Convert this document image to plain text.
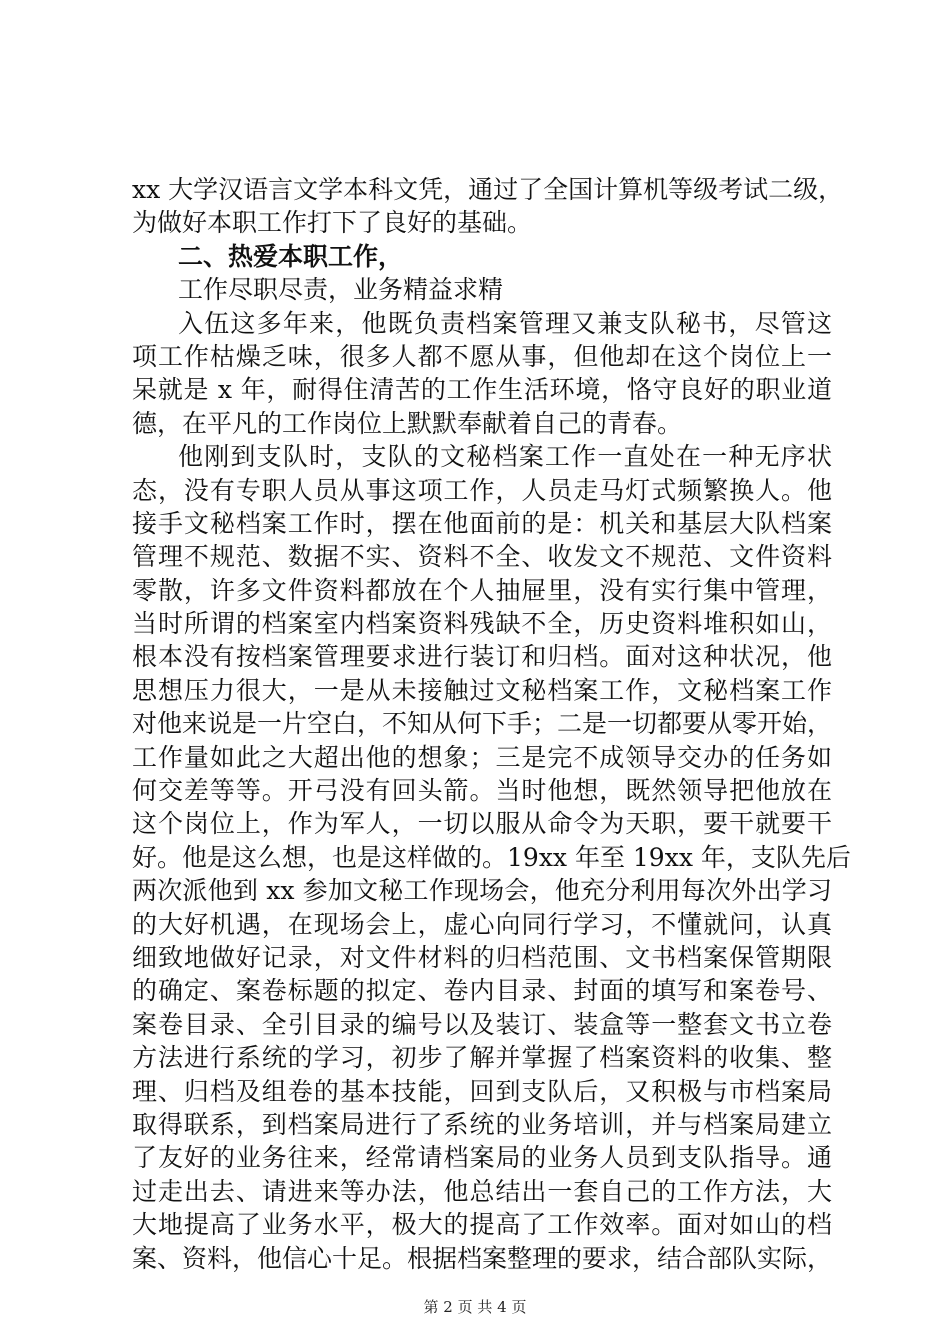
xx 大学汉语言文学本科文凭，通过了全国计算机等级考试二级，
为做好本职工作打下了良好的基础。
二、热爱本职工作，
工作尽职尽责，业务精益求精
入伍这多年来，他既负责档案管理又兼支队秘书，尽管这
项工作枯燥乏味，很多人都不愿从事，但他却在这个岗位上一
呆就是 x 年，耐得住清苦的工作生活环境，恪守良好的职业道
德，在平凡的工作岗位上默默奉献着自己的青春。
他刚到支队时，支队的文秘档案工作一直处在一种无序状
态，没有专职人员从事这项工作，人员走马灯式频繁换人。他
接手文秘档案工作时，摆在他面前的是：机关和基层大队档案
管理不规范、数据不实、资料不全、收发文不规范、文件资料
零散，许多文件资料都放在个人抽屉里，没有实行集中管理，
当时所谓的档案室内档案资料残缺不全，历史资料堆积如山，
根本没有按档案管理要求进行装订和归档。面对这种状况，他
思想压力很大，一是从未接触过文秘档案工作，文秘档案工作
对他来说是一片空白，不知从何下手；二是一切都要从零开始，
工作量如此之大超出他的想象；三是完不成领导交办的任务如
何交差等等。开弓没有回头箭。当时他想，既然领导把他放在
这个岗位上，作为军人，一切以服从命令为天职，要干就要干
好。他是这么想，也是这样做的。19xx 年至 19xx 年，支队先后
两次派他到 xx 参加文秘工作现场会，他充分利用每次外出学习
的大好机遇，在现场会上，虚心向同行学习，不懂就问，认真
细致地做好记录，对文件材料的归档范围、文书档案保管期限
的确定、案卷标题的拟定、卷内目录、封面的填写和案卷号、
案卷目录、全引目录的编号以及装订、装盒等一整套文书立卷
方法进行系统的学习，初步了解并掌握了档案资料的收集、整
理、归档及组卷的基本技能，回到支队后，又积极与市档案局
取得联系，到档案局进行了系统的业务培训，并与档案局建立
了友好的业务往来，经常请档案局的业务人员到支队指导。通
过走出去、请进来等办法，他总结出一套自己的工作方法，大
大地提高了业务水平，极大的提高了工作效率。面对如山的档
案、资料，他信心十足。根据档案整理的要求，结合部队实际，
第 2 页 共 4 页
